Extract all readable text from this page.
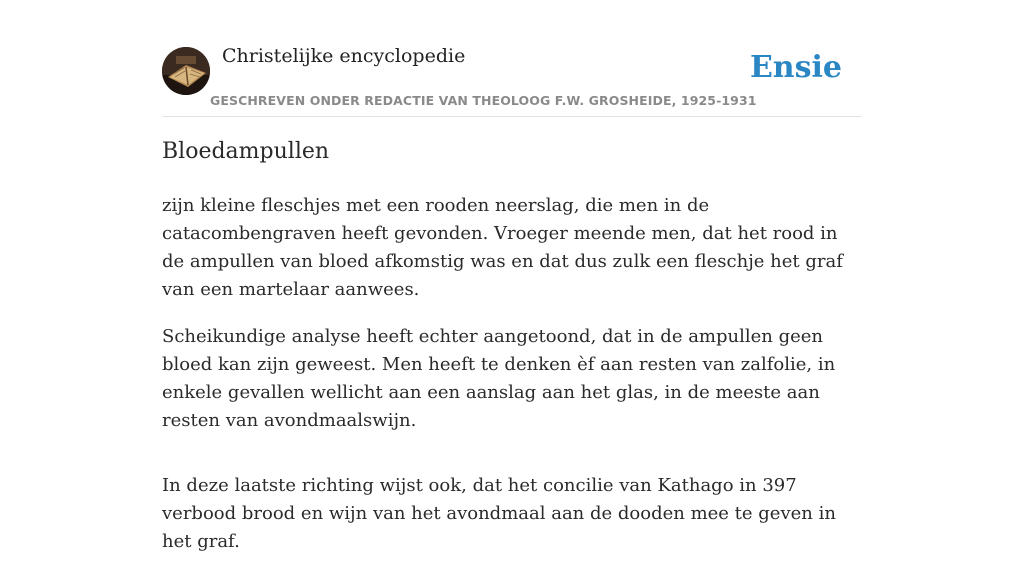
Christelijke encyclopedie
GESCHREVEN ONDER REDACTIE VAN THEOLOOG F.W. GROSHEIDE, 1925-1931
Ensie
Bloedampullen

zijn kleine fleschjes met een rooden neerslag, die men in de catacombengraven heeft gevonden. Vroeger meende men, dat het rood in de ampullen van bloed afkomstig was en dat dus zulk een fleschje het graf van een martelaar aanwees.

Scheikundige analyse heeft echter aangetoond, dat in de ampullen geen bloed kan zijn geweest. Men heeft te denken èf aan resten van zalfolie, in enkele gevallen wellicht aan een aanslag aan het glas, in de meeste aan resten van avondmaalswijn.

In deze laatste richting wijst ook, dat het concilie van Kathago in 397 verbood brood en wijn van het avondmaal aan de dooden mee te geven in het graf.
